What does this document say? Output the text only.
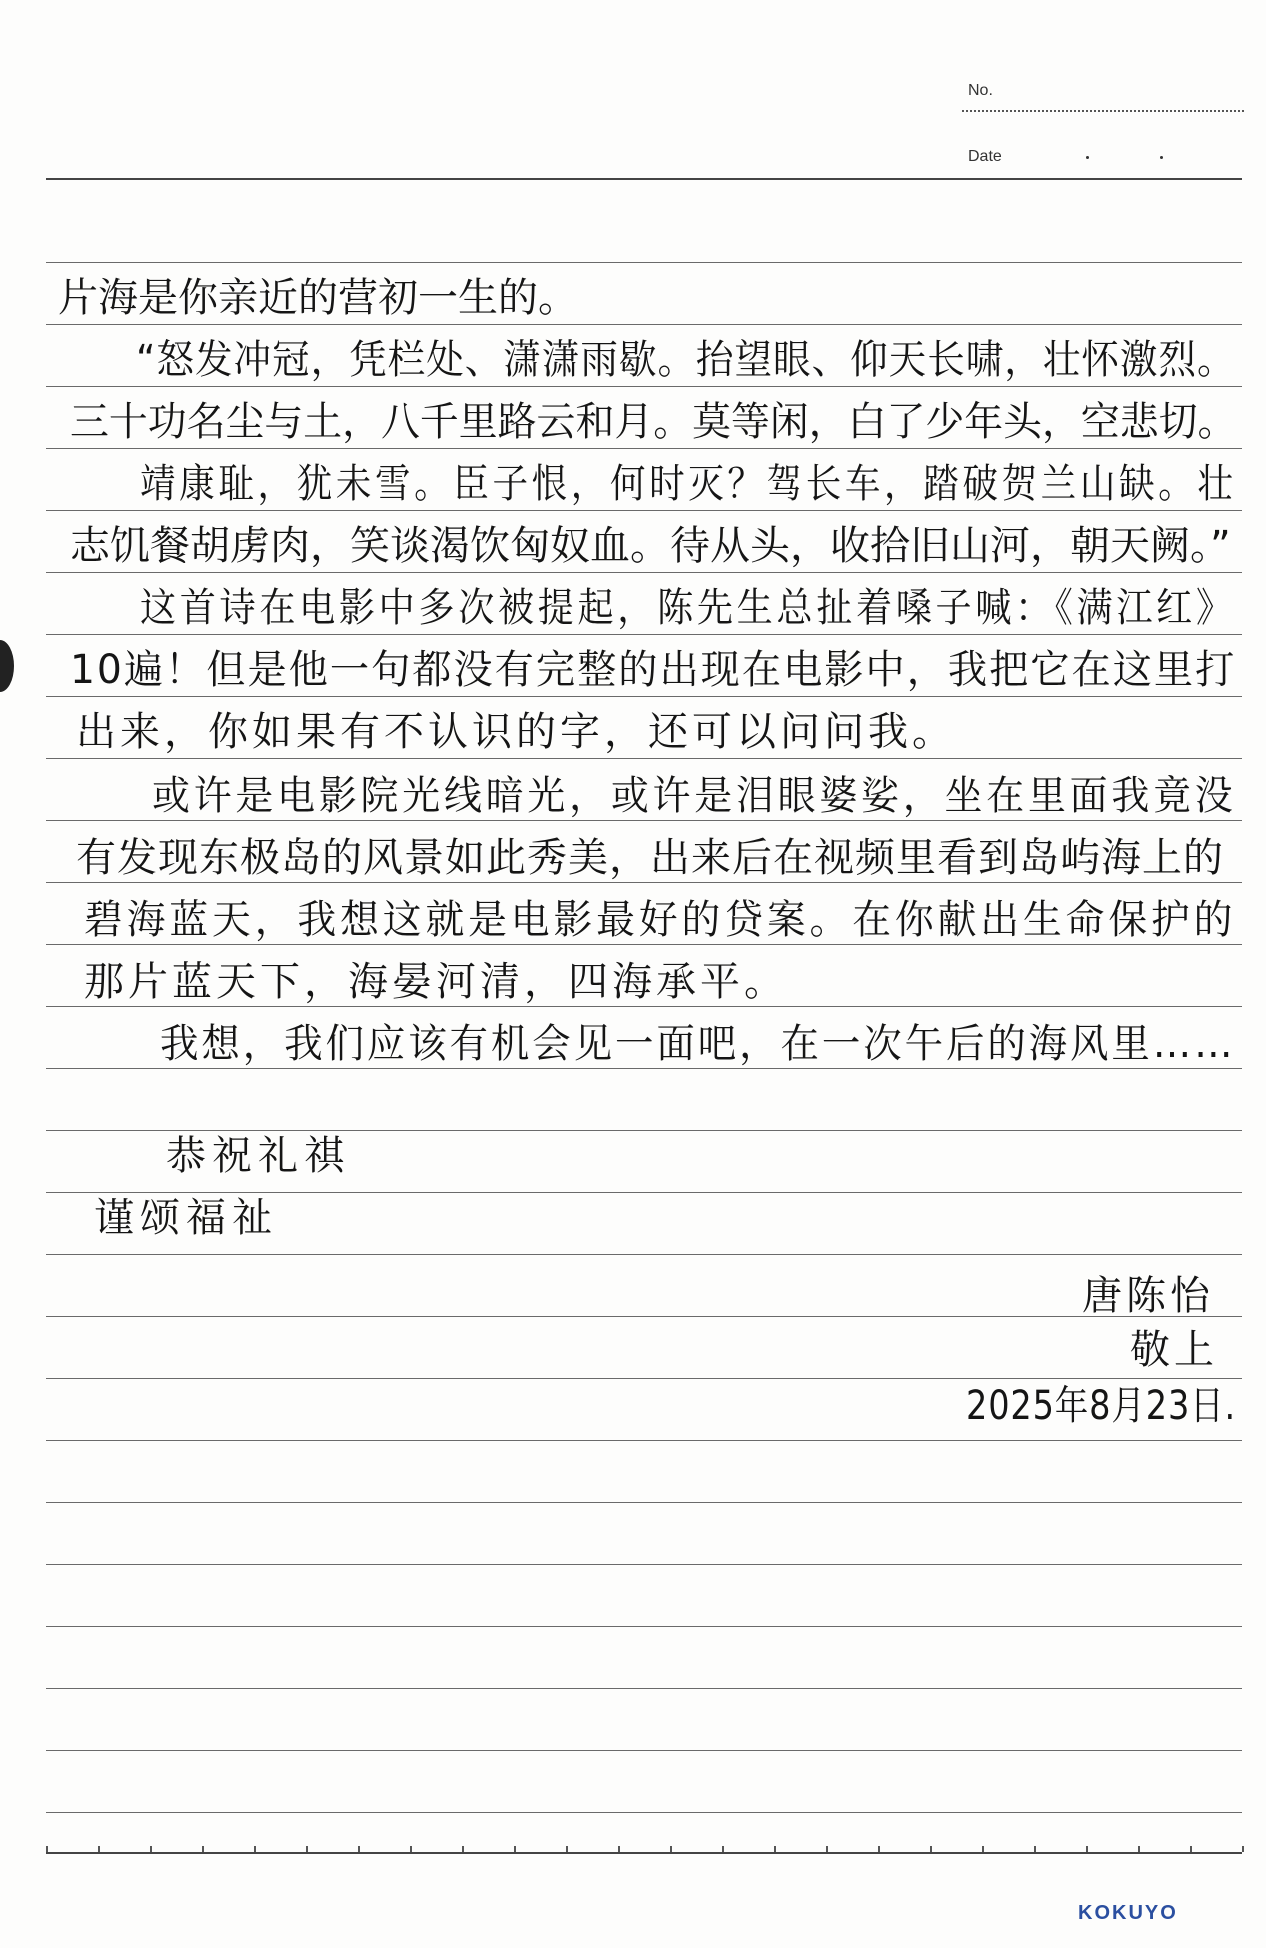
No.
Date
片海是你亲近的营初一生的。
“怒发冲冠，凭栏处、潇潇雨歇。抬望眼、仰天长啸，壮怀激烈。
三十功名尘与土，八千里路云和月。莫等闲，白了少年头，空悲切。
靖康耻，犹未雪。臣子恨，何时灭？驾长车，踏破贺兰山缺。壮
志饥餐胡虏肉，笑谈渴饮匈奴血。待从头，收拾旧山河，朝天阙。”
这首诗在电影中多次被提起，陈先生总扯着嗓子喊：《满江红》
10遍！但是他一句都没有完整的出现在电影中，我把它在这里打
出来，你如果有不认识的字，还可以问问我。
或许是电影院光线暗光，或许是泪眼婆娑，坐在里面我竟没
有发现东极岛的风景如此秀美，出来后在视频里看到岛屿海上的
碧海蓝天，我想这就是电影最好的贷案。在你献出生命保护的
那片蓝天下，海晏河清，四海承平。
我想，我们应该有机会见一面吧，在一次午后的海风里……
恭祝礼祺
谨颂福祉
唐陈怡
敬上
2025年8月23日.
KOKUYO
